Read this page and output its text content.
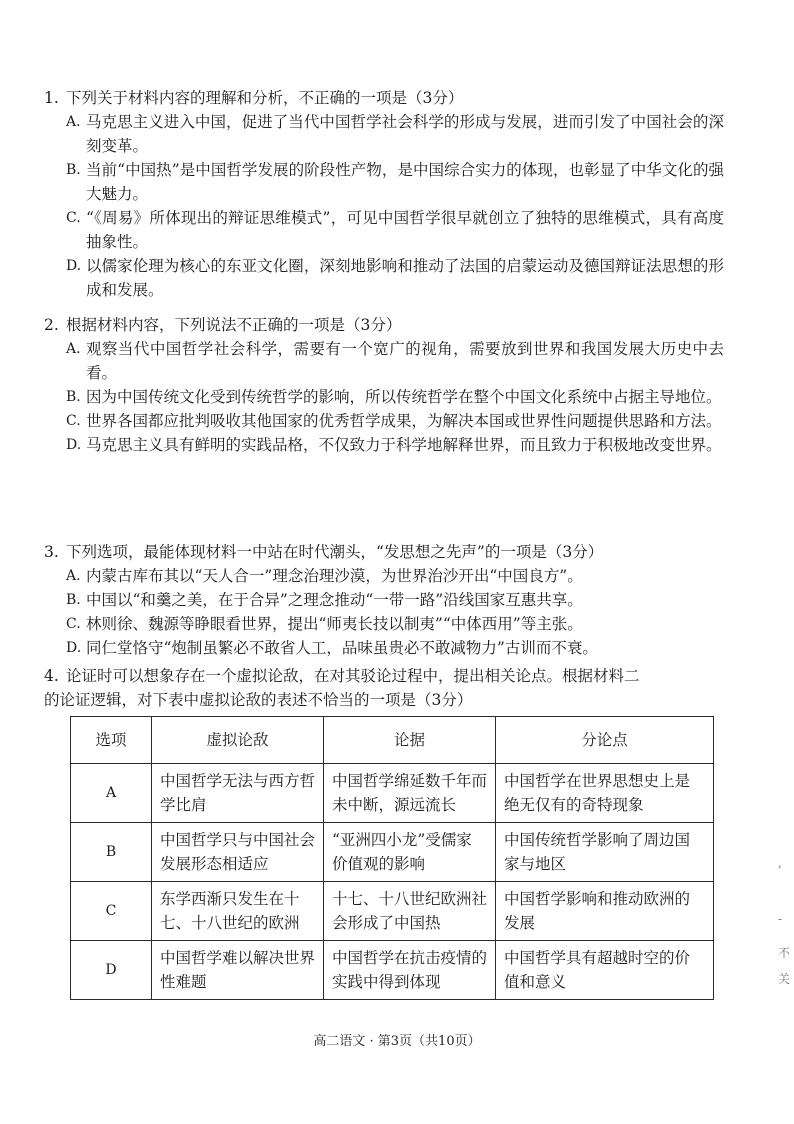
1. 下列关于材料内容的理解和分析，不正确的一项是（3分）
A. 马克思主义进入中国，促进了当代中国哲学社会科学的形成与发展，进而引发了中国社会的深刻变革。
B. 当前“中国热”是中国哲学发展的阶段性产物，是中国综合实力的体现，也彰显了中华文化的强大魅力。
C. “《周易》所体现出的辩证思维模式”，可见中国哲学很早就创立了独特的思维模式，具有高度抽象性。
D. 以儒家伦理为核心的东亚文化圈，深刻地影响和推动了法国的启蒙运动及德国辩证法思想的形成和发展。
2. 根据材料内容，下列说法不正确的一项是（3分）
A. 观察当代中国哲学社会科学，需要有一个宽广的视角，需要放到世界和我国发展大历史中去看。
B. 因为中国传统文化受到传统哲学的影响，所以传统哲学在整个中国文化系统中占据主导地位。
C. 世界各国都应批判吸收其他国家的优秀哲学成果，为解决本国或世界性问题提供思路和方法。
D. 马克思主义具有鲜明的实践品格，不仅致力于科学地解释世界，而且致力于积极地改变世界。
3. 下列选项，最能体现材料一中站在时代潮头，“发思想之先声”的一项是（3分）
A. 内蒙古库布其以“天人合一”理念治理沙漠，为世界治沙开出“中国良方”。
B. 中国以“和羹之美，在于合异”之理念推动“一带一路”沿线国家互惠共享。
C. 林则徐、魏源等睁眼看世界，提出“师夷长技以制夷”“中体西用”等主张。
D. 同仁堂恪守“炮制虽繁必不敢省人工，品味虽贵必不敢减物力”古训而不衰。
4. 论证时可以想象存在一个虚拟论敌，在对其驳论过程中，提出相关论点。根据材料二
的论证逻辑，对下表中虚拟论敌的表述不恰当的一项是（3分）
选项	虚拟论敌	论据	分论点
A	中国哲学无法与西方哲学比肩	中国哲学绵延数千年而未中断，源远流长	中国哲学在世界思想史上是绝无仅有的奇特现象
B	中国哲学只与中国社会发展形态相适应	“亚洲四小龙”受儒家价值观的影响	中国传统哲学影响了周边国家与地区
C	东学西渐只发生在十七、十八世纪的欧洲	十七、十八世纪欧洲社会形成了中国热	中国哲学影响和推动欧洲的发展
D	中国哲学难以解决世界性难题	中国哲学在抗击疫情的实践中得到体现	中国哲学具有超越时空的价值和意义
,
-
不
关
高二语文 · 第3页（共10页）
